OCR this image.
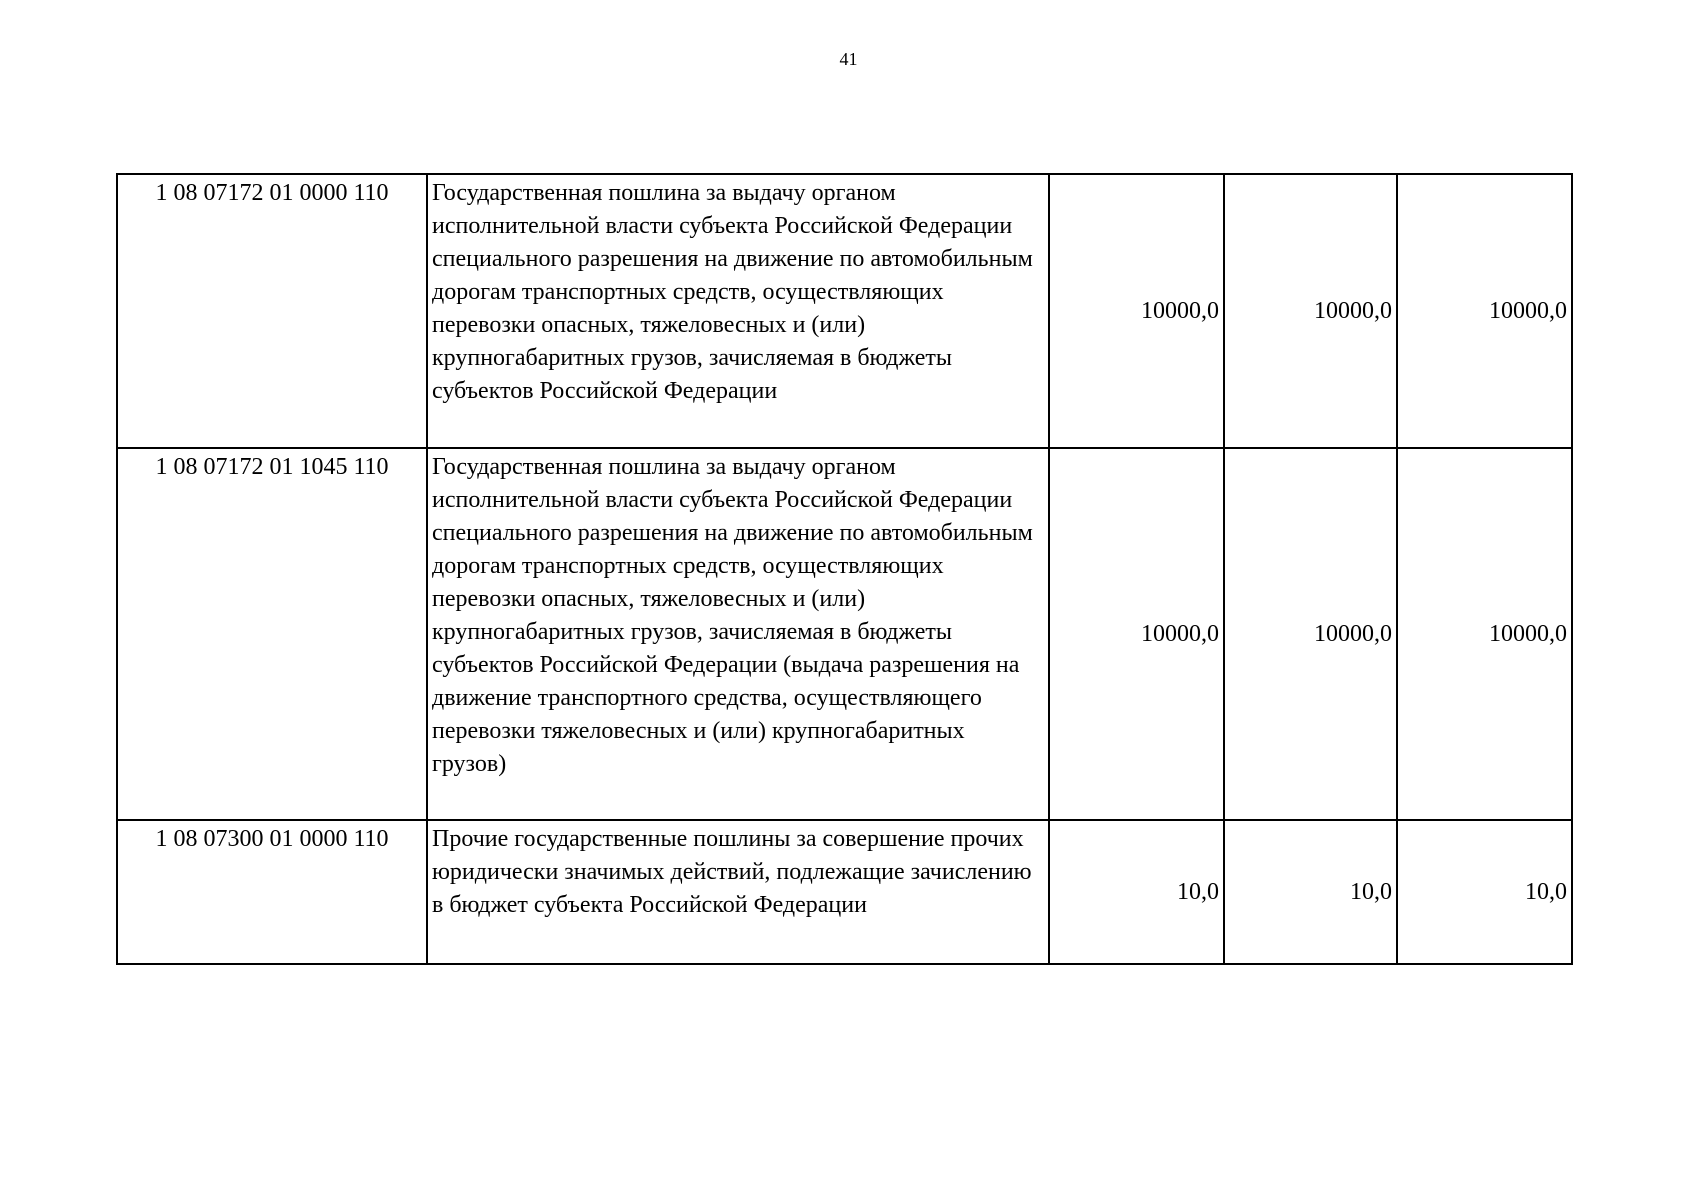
41
1 08 07172 01 0000 110	Государственная пошлина за выдачу органом исполнительной власти субъекта Российской Федерации специального разрешения на движение по автомобильным дорогам транспортных средств, осуществляющих перевозки опасных, тяжеловесных и (или) крупногабаритных грузов, зачисляемая в бюджеты субъектов Российской Федерации	10000,0	10000,0	10000,0
1 08 07172 01 1045 110	Государственная пошлина за выдачу органом исполнительной власти субъекта Российской Федерации специального разрешения на движение по автомобильным дорогам транспортных средств, осуществляющих перевозки опасных, тяжеловесных и (или) крупногабаритных грузов, зачисляемая в бюджеты субъектов Российской Федерации (выдача разрешения на движение транспортного средства, осуществляющего перевозки тяжеловесных и (или) крупногабаритных грузов)	10000,0	10000,0	10000,0
1 08 07300 01 0000 110	Прочие государственные пошлины за совершение прочих юридически значимых действий, подлежащие зачислению в бюджет субъекта Российской Федерации	10,0	10,0	10,0
